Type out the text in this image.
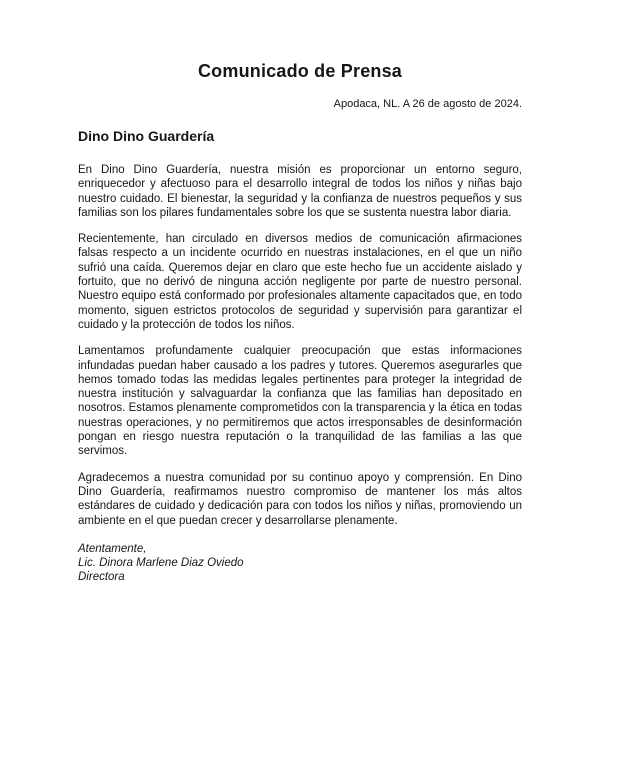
Comunicado de Prensa
Apodaca, NL. A 26 de agosto de 2024.
Dino Dino Guardería

En Dino Dino Guardería, nuestra misión es proporcionar un entorno seguro, enriquecedor y afectuoso para el desarrollo integral de todos los niños y niñas bajo nuestro cuidado. El bienestar, la seguridad y la confianza de nuestros pequeños y sus familias son los pilares fundamentales sobre los que se sustenta nuestra labor diaria.

Recientemente, han circulado en diversos medios de comunicación afirmaciones falsas respecto a un incidente ocurrido en nuestras instalaciones, en el que un niño sufrió una caída. Queremos dejar en claro que este hecho fue un accidente aislado y fortuito, que no derivó de ninguna acción negligente por parte de nuestro personal. Nuestro equipo está conformado por profesionales altamente capacitados que, en todo momento, siguen estrictos protocolos de seguridad y supervisión para garantizar el cuidado y la protección de todos los niños.

Lamentamos profundamente cualquier preocupación que estas informaciones infundadas puedan haber causado a los padres y tutores. Queremos asegurarles que hemos tomado todas las medidas legales pertinentes para proteger la integridad de nuestra institución y salvaguardar la confianza que las familias han depositado en nosotros. Estamos plenamente comprometidos con la transparencia y la ética en todas nuestras operaciones, y no permitiremos que actos irresponsables de desinformación pongan en riesgo nuestra reputación o la tranquilidad de las familias a las que servimos.

Agradecemos a nuestra comunidad por su continuo apoyo y comprensión. En Dino Dino Guardería, reafirmamos nuestro compromiso de mantener los más altos estándares de cuidado y dedicación para con todos los niños y niñas, promoviendo un ambiente en el que puedan crecer y desarrollarse plenamente.

Atentamente,
Lic. Dinora Marlene Diaz Oviedo
Directora
